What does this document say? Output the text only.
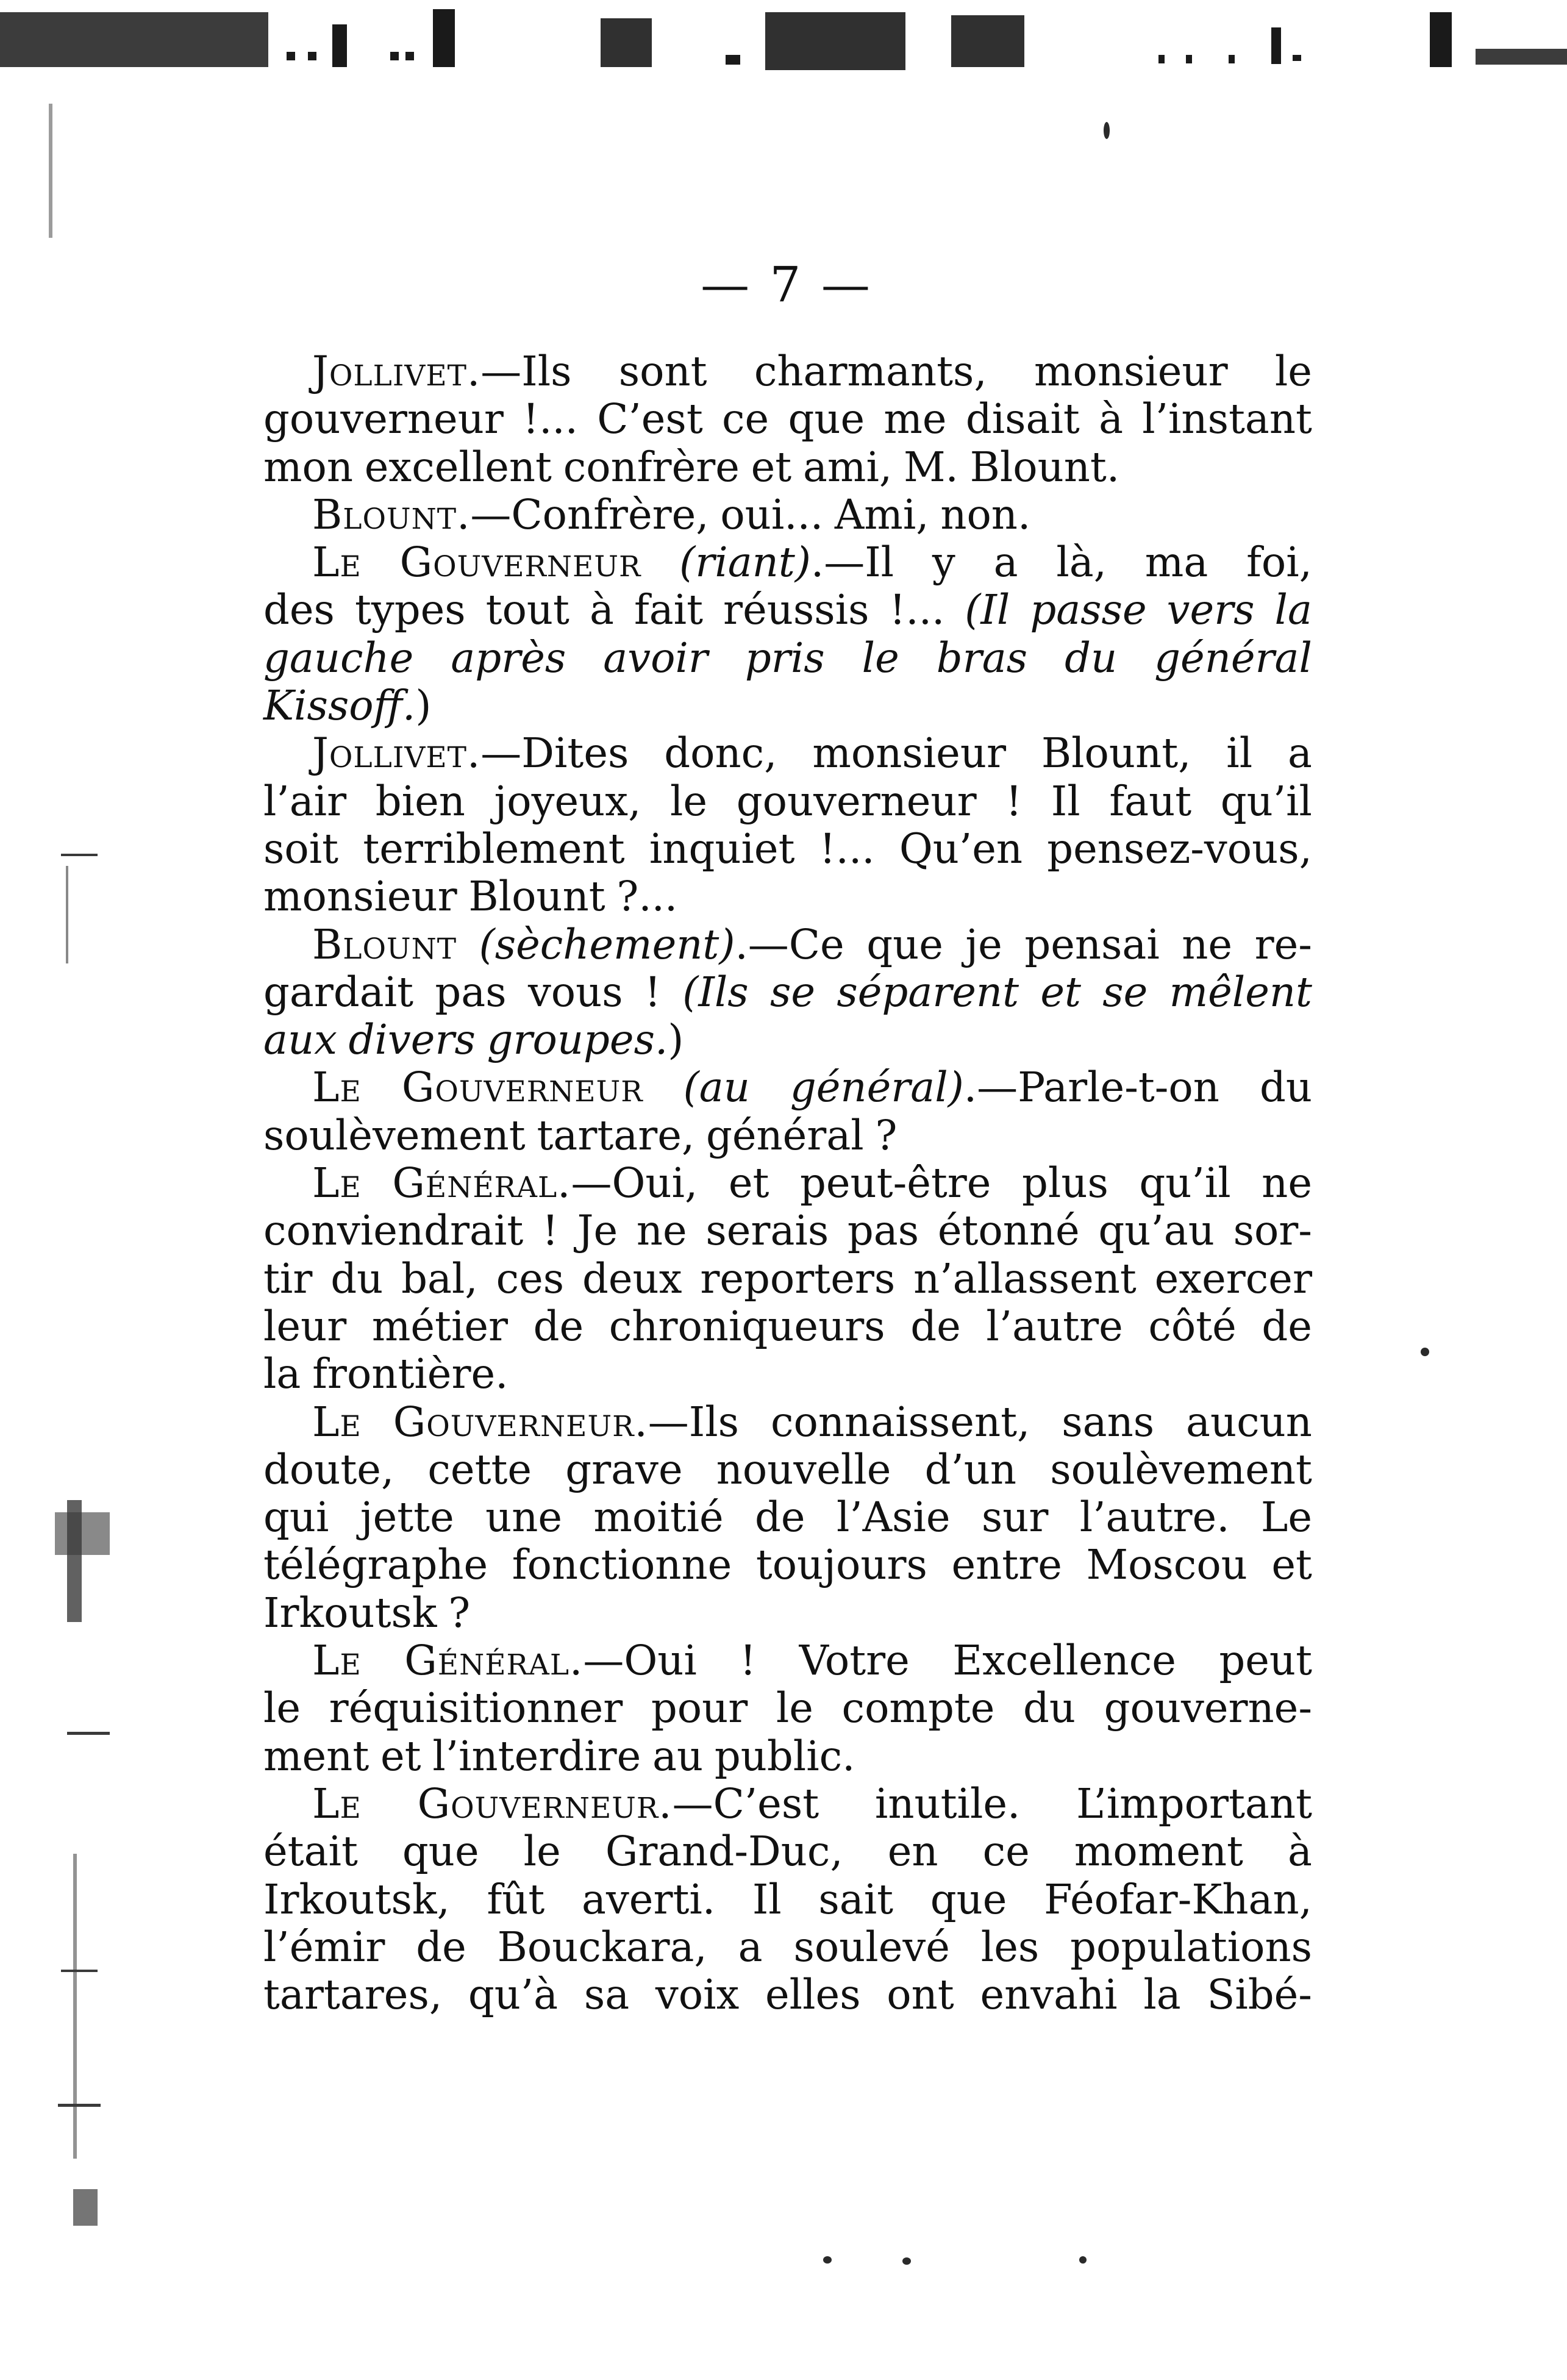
— 7 —
Jollivet.—Ils sont charmants, monsieur le
gouverneur !... C’est ce que me disait à l’instant
mon excellent confrère et ami, M. Blount.
Blount.—Confrère, oui... Ami, non.
Le Gouverneur (riant).—Il y a là, ma foi,
des types tout à fait réussis !... (Il passe vers la
gauche après avoir pris le bras du général
Kissoff.)
Jollivet.—Dites donc, monsieur Blount, il a
l’air bien joyeux, le gouverneur ! Il faut qu’il
soit terriblement inquiet !... Qu’en pensez-vous,
monsieur Blount ?...
Blount (sèchement).—Ce que je pensai ne re-
gardait pas vous ! (Ils se séparent et se mêlent
aux divers groupes.)
Le Gouverneur (au général).—Parle-t-on du
soulèvement tartare, général ?
Le Général.—Oui, et peut-être plus qu’il ne
conviendrait ! Je ne serais pas étonné qu’au sor-
tir du bal, ces deux reporters n’allassent exercer
leur métier de chroniqueurs de l’autre côté de
la frontière.
Le Gouverneur.—Ils connaissent, sans aucun
doute, cette grave nouvelle d’un soulèvement
qui jette une moitié de l’Asie sur l’autre. Le
télégraphe fonctionne toujours entre Moscou et
Irkoutsk ?
Le Général.—Oui ! Votre Excellence peut
le réquisitionner pour le compte du gouverne-
ment et l’interdire au public.
Le Gouverneur.—C’est inutile. L’important
était que le Grand-Duc, en ce moment à
Irkoutsk, fût averti. Il sait que Féofar-Khan,
l’émir de Bouckara, a soulevé les populations
tartares, qu’à sa voix elles ont envahi la Sibé-
